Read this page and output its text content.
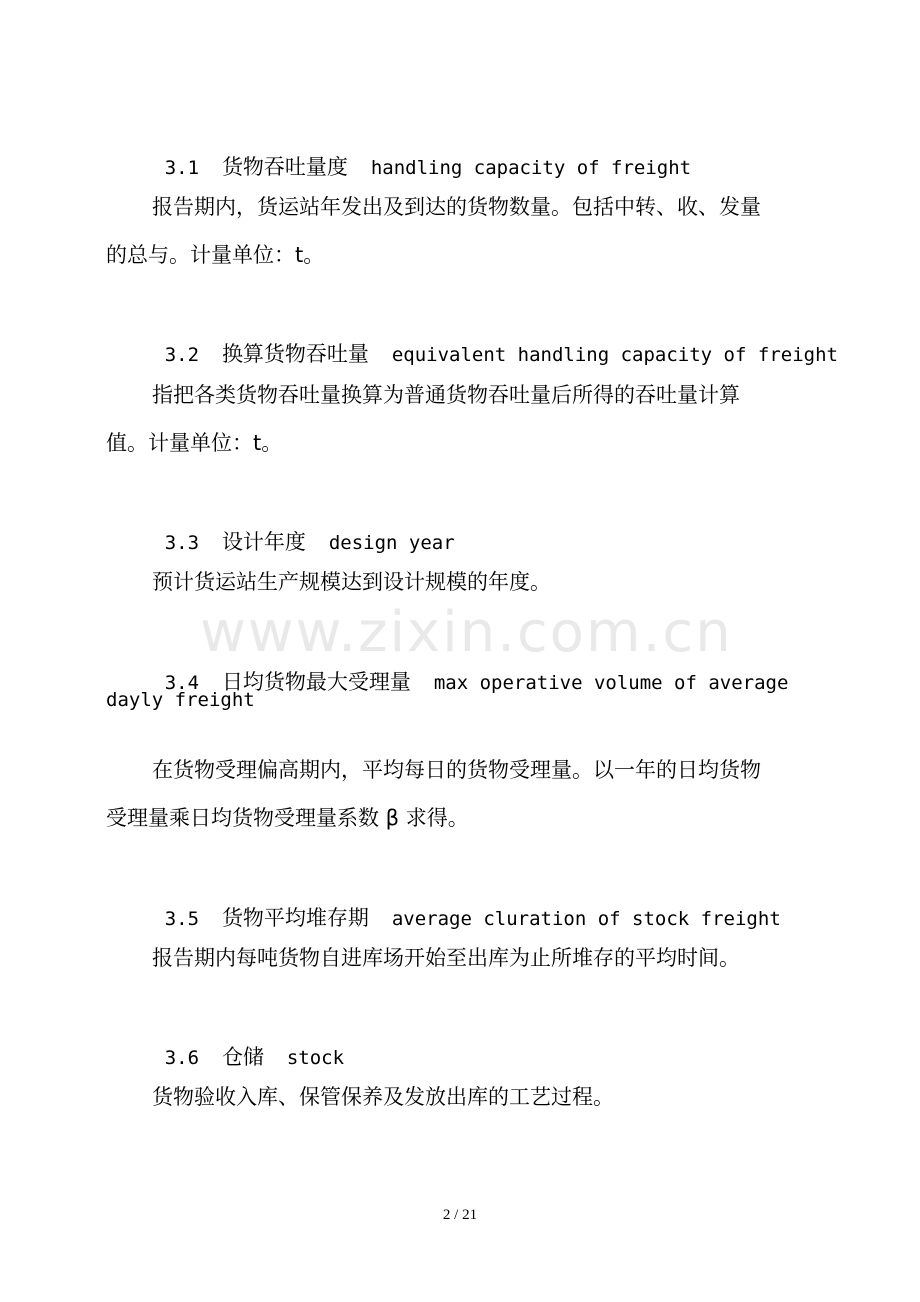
www.zixin.com.cn

3.1 货物吞吐量度 handling capacity of freight

报告期内，货运站年发出及到达的货物数量。包括中转、收、发量
的总与。计量单位：t。

3.2 换算货物吞吐量 equivalent handling capacity of freight

指把各类货物吞吐量换算为普通货物吞吐量后所得的吞吐量计算
值。计量单位：t。

3.3 设计年度 design year

预计货运站生产规模达到设计规模的年度。

3.4 日均货物最大受理量 max operative volume of average

dayly freight
在货物受理偏高期内，平均每日的货物受理量。以一年的日均货物
受理量乘日均货物受理量系数 β 求得。

3.5 货物平均堆存期 average cluration of stock freight

报告期内每吨货物自进库场开始至出库为止所堆存的平均时间。

3.6 仓储 stock

货物验收入库、保管保养及发放出库的工艺过程。
2 / 21
